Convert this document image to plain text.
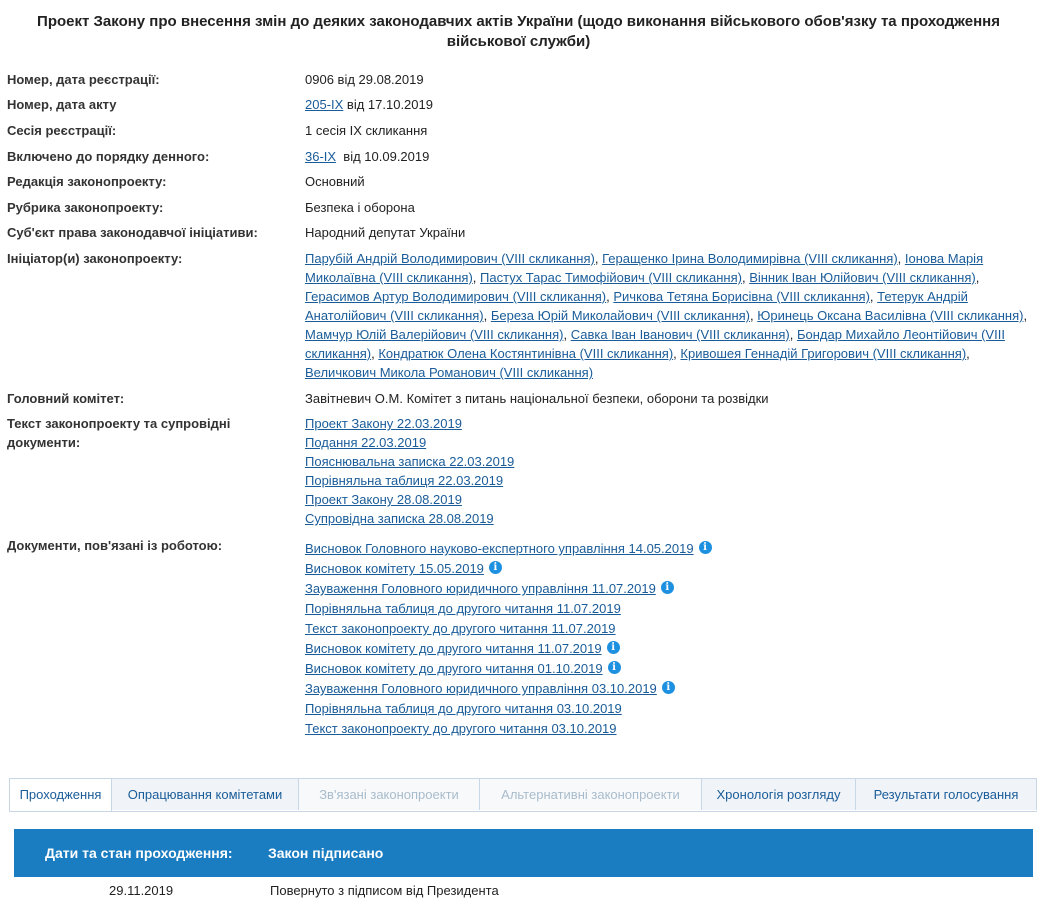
Проект Закону про внесення змін до деяких законодавчих актів України (щодо виконання військового обов'язку та проходження військової служби)
Номер, дата реєстрації:	0906 від 29.08.2019
Номер, дата акту	205-IX від 17.10.2019
Сесія реєстрації:	1 сесія IX скликання
Включено до порядку денного:	36-IX  від 10.09.2019
Редакція законопроекту:	Основний
Рубрика законопроекту:	Безпека і оборона
Суб'єкт права законодавчої ініціативи:	Народний депутат України
Ініціатор(и) законопроекту:	Парубій Андрій Володимирович (VIII скликання), Геращенко Ірина Володимирівна (VIII скликання), Іонова Марія Миколаївна (VIII скликання), Пастух Тарас Тимофійович (VIII скликання), Вінник Іван Юлійович (VIII скликання), Герасимов Артур Володимирович (VIII скликання), Ричкова Тетяна Борисівна (VIII скликання), Тетерук Андрій Анатолійович (VIII скликання), Береза Юрій Миколайович (VIII скликання), Юринець Оксана Василівна (VIII скликання), Мамчур Юлій Валерійович (VIII скликання), Савка Іван Іванович (VIII скликання), Бондар Михайло Леонтійович (VIII скликання), Кондратюк Олена Костянтинівна (VIII скликання), Кривошея Геннадій Григорович (VIII скликання), Величкович Микола Романович (VIII скликання)
Головний комітет:	Завітневич О.М. Комітет з питань національної безпеки, оборони та розвідки
Текст законопроекту та супровідні
документи:
Проект Закону 22.03.2019
Подання 22.03.2019
Пояснювальна записка 22.03.2019
Порівняльна таблиця 22.03.2019
Проект Закону 28.08.2019
Супровідна записка 28.08.2019
Документи, пов'язані із роботою:	Висновок Головного науково-експертного управління 14.05.2019 i
Висновок комітету 15.05.2019 i
Зауваження Головного юридичного управління 11.07.2019 i
Порівняльна таблиця до другого читання 11.07.2019
Текст законопроекту до другого читання 11.07.2019
Висновок комітету до другого читання 11.07.2019 i
Висновок комітету до другого читання 01.10.2019 i
Зауваження Головного юридичного управління 03.10.2019 i
Порівняльна таблиця до другого читання 03.10.2019
Текст законопроекту до другого читання 03.10.2019
Проходження	Опрацювання комітетами	Зв'язані законопроекти	Альтернативні законопроекти	Хронологія розгляду	Результати голосування
Дати та стан проходження:	Закон підписано
29.11.2019	Повернуто з підписом від Президента
